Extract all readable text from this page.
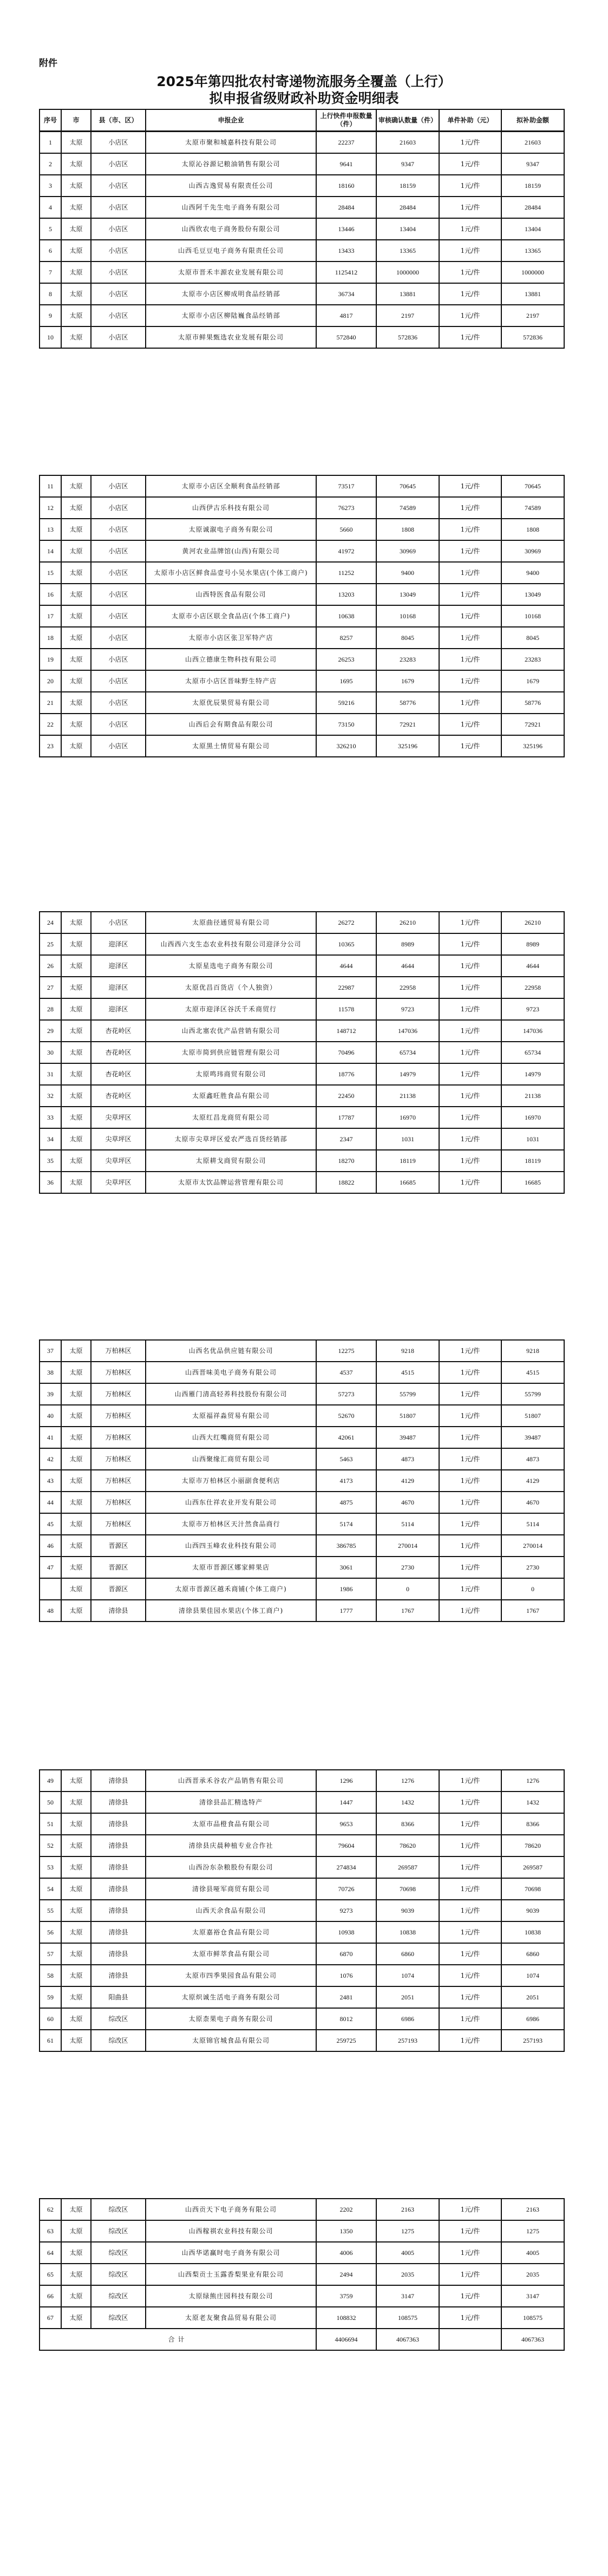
附件
2025年第四批农村寄递物流服务全覆盖（上行）
拟申报省级财政补助资金明细表
序号	市	县（市、区）	申报企业	上行快件申报数量（件）	审核确认数量（件）	单件补助（元）	拟补助金额
1	太原	小店区	太原市聚和城嘉科技有限公司	22237	21603	1元/件	21603
2	太原	小店区	太原沁谷源记粮油销售有限公司	9641	9347	1元/件	9347
3	太原	小店区	山西古逸贸易有限责任公司	18160	18159	1元/件	18159
4	太原	小店区	山西阿千先生电子商务有限公司	28484	28484	1元/件	28484
5	太原	小店区	山西欣农电子商务股份有限公司	13446	13404	1元/件	13404
6	太原	小店区	山西毛豆豆电子商务有限责任公司	13433	13365	1元/件	13365
7	太原	小店区	太原市晋禾丰源农业发展有限公司	1125412	1000000	1元/件	1000000
8	太原	小店区	太原市小店区柳成明食品经销部	36734	13881	1元/件	13881
9	太原	小店区	太原市小店区柳陆巍食品经销部	4817	2197	1元/件	2197
10	太原	小店区	太原市鲜果甄选农业发展有限公司	572840	572836	1元/件	572836
11	太原	小店区	太原市小店区全顺利食品经销部	73517	70645	1元/件	70645
12	太原	小店区	山西伊古乐科技有限公司	76273	74589	1元/件	74589
13	太原	小店区	太原诚溆电子商务有限公司	5660	1808	1元/件	1808
14	太原	小店区	黄河农业品牌馆(山西)有限公司	41972	30969	1元/件	30969
15	太原	小店区	太原市小店区鲜食品壹号小吴水果店(个体工商户)	11252	9400	1元/件	9400
16	太原	小店区	山西特医食品有限公司	13203	13049	1元/件	13049
17	太原	小店区	太原市小店区联全食品店(个体工商户)	10638	10168	1元/件	10168
18	太原	小店区	太原市小店区张卫军特产店	8257	8045	1元/件	8045
19	太原	小店区	山西立德康生物科技有限公司	26253	23283	1元/件	23283
20	太原	小店区	太原市小店区晋味野生特产店	1695	1679	1元/件	1679
21	太原	小店区	太原优辰果贸易有限公司	59216	58776	1元/件	58776
22	太原	小店区	山西后会有期食品有限公司	73150	72921	1元/件	72921
23	太原	小店区	太原黑土情贸易有限公司	326210	325196	1元/件	325196
24	太原	小店区	太原曲径通贸易有限公司	26272	26210	1元/件	26210
25	太原	迎泽区	山西西六支生态农业科技有限公司迎泽分公司	10365	8989	1元/件	8989
26	太原	迎泽区	太原星选电子商务有限公司	4644	4644	1元/件	4644
27	太原	迎泽区	太原优昌百货店（个人独资）	22987	22958	1元/件	22958
28	太原	迎泽区	太原市迎泽区谷沃千禾商贸行	11578	9723	1元/件	9723
29	太原	杏花岭区	山西北塞农优产品营销有限公司	148712	147036	1元/件	147036
30	太原	杏花岭区	太原市简到供应链管理有限公司	70496	65734	1元/件	65734
31	太原	杏花岭区	太原鸣玮商贸有限公司	18776	14979	1元/件	14979
32	太原	杏花岭区	太原鑫旺胜食品有限公司	22450	21138	1元/件	21138
33	太原	尖草坪区	太原红昌龙商贸有限公司	17787	16970	1元/件	16970
34	太原	尖草坪区	太原市尖草坪区爱农严选百货经销部	2347	1031	1元/件	1031
35	太原	尖草坪区	太原耕戈商贸有限公司	18270	18119	1元/件	18119
36	太原	尖草坪区	太原市太饮品牌运营管理有限公司	18822	16685	1元/件	16685
37	太原	万柏林区	山西名优品供应链有限公司	12275	9218	1元/件	9218
38	太原	万柏林区	山西晋味美电子商务有限公司	4537	4515	1元/件	4515
39	太原	万柏林区	山西雁门清高轻养科技股份有限公司	57273	55799	1元/件	55799
40	太原	万柏林区	太原福祥淼贸易有限公司	52670	51807	1元/件	51807
41	太原	万柏林区	山西大红嘴商贸有限公司	42061	39487	1元/件	39487
42	太原	万柏林区	山西聚缘汇商贸有限公司	5463	4873	1元/件	4873
43	太原	万柏林区	太原市万柏林区小丽副食便利店	4173	4129	1元/件	4129
44	太原	万柏林区	山西东仕祥农业开发有限公司	4875	4670	1元/件	4670
45	太原	万柏林区	太原市万柏林区天汁然食品商行	5174	5114	1元/件	5114
46	太原	晋源区	山西四玉峰农业科技有限公司	386785	270014	1元/件	270014
47	太原	晋源区	太原市晋源区娜家鲜果店	3061	2730	1元/件	2730
	太原	晋源区	太原市晋源区越禾商铺(个体工商户)	1986	0	1元/件	0
48	太原	清徐县	清徐县果佳园水果店(个体工商户)	1777	1767	1元/件	1767
49	太原	清徐县	山西晋承禾谷农产品销售有限公司	1296	1276	1元/件	1276
50	太原	清徐县	清徐县品汇精选特产	1447	1432	1元/件	1432
51	太原	清徐县	太原市品橙食品有限公司	9653	8366	1元/件	8366
52	太原	清徐县	清徐县庆晨种植专业合作社	79604	78620	1元/件	78620
53	太原	清徐县	山西汾东杂粮股份有限公司	274834	269587	1元/件	269587
54	太原	清徐县	清徐县哑军商贸有限公司	70726	70698	1元/件	70698
55	太原	清徐县	山西天余食品有限公司	9273	9039	1元/件	9039
56	太原	清徐县	太原嘉裕仓食品有限公司	10938	10838	1元/件	10838
57	太原	清徐县	太原市鲜萃食品有限公司	6870	6860	1元/件	6860
58	太原	清徐县	太原市四季果园食品有限公司	1076	1074	1元/件	1074
59	太原	阳曲县	太原炽诚生活电子商务有限公司	2481	2051	1元/件	2051
60	太原	综改区	太原柰果电子商务有限公司	8012	6986	1元/件	6986
61	太原	综改区	太原锦官城食品有限公司	259725	257193	1元/件	257193
62	太原	综改区	山西贡天下电子商务有限公司	2202	2163	1元/件	2163
63	太原	综改区	山西稼祺农业科技有限公司	1350	1275	1元/件	1275
64	太原	综改区	山西华诺赢时电子商务有限公司	4006	4005	1元/件	4005
65	太原	综改区	山西梨贡士玉露香梨果业有限公司	2494	2035	1元/件	2035
66	太原	综改区	太原绿熊庄园科技有限公司	3759	3147	1元/件	3147
67	太原	综改区	太原老友聚食品贸易有限公司	108832	108575	1元/件	108575
合计				4406694	4067363		4067363
